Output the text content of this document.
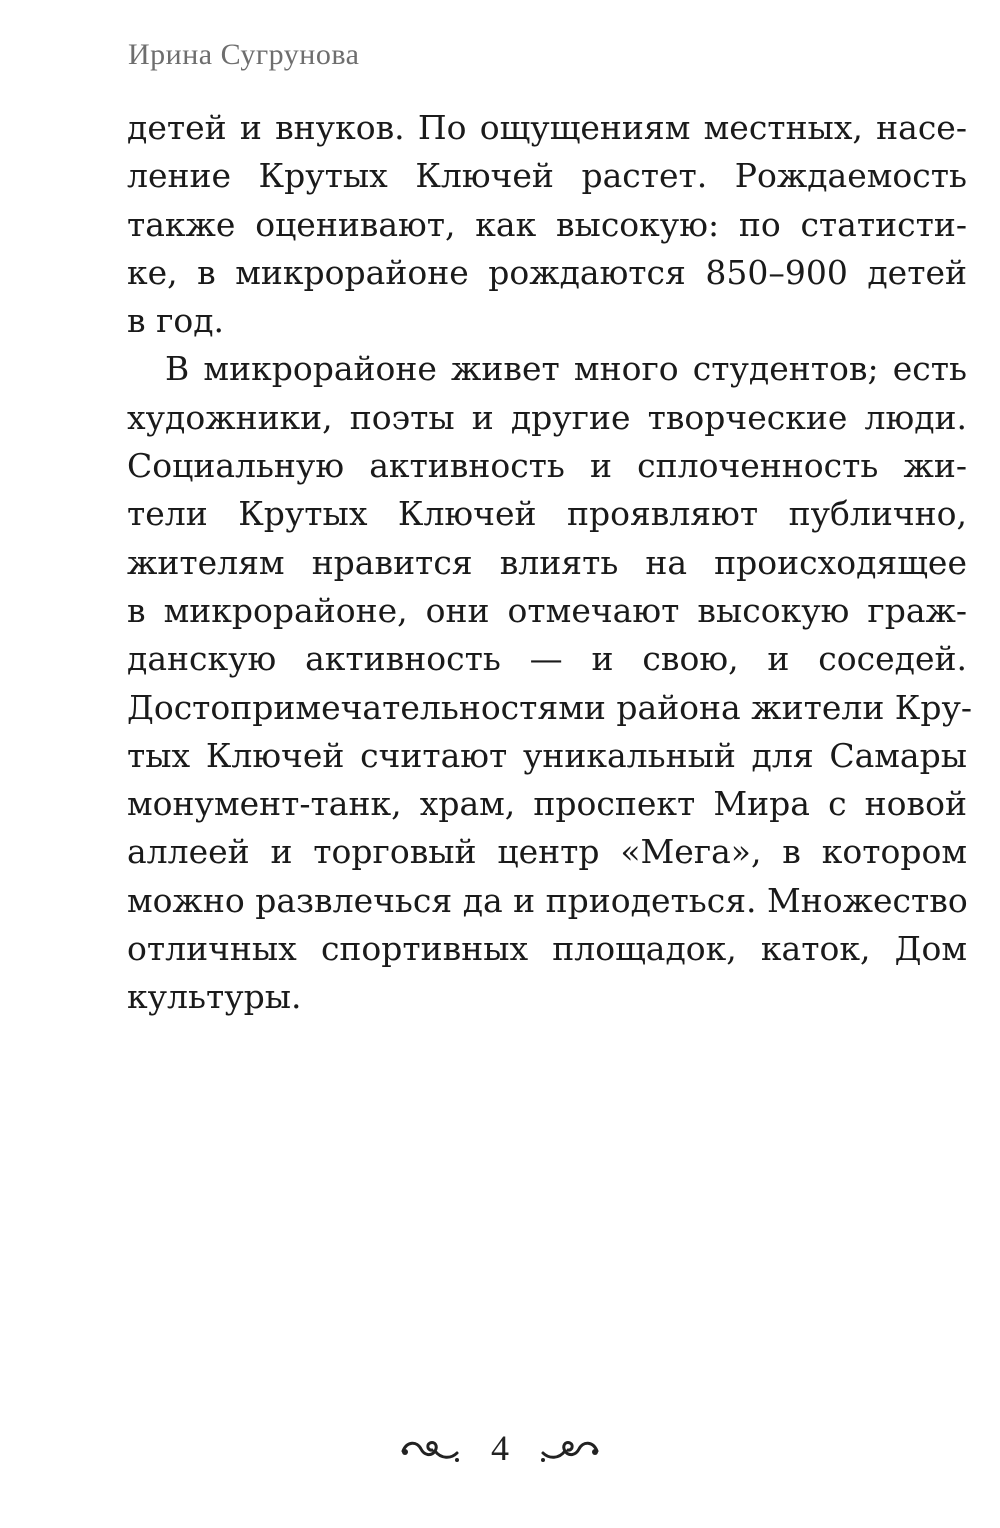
Ирина Сугрунова
детей и внуков. По ощущениям местных, насе-
ление Крутых Ключей растет. Рождаемость
также оценивают, как высокую: по статисти-
ке, в микрорайоне рождаются 850–900 детей
в год.
В микрорайоне живет много студентов; есть
художники, поэты и другие творческие люди.
Социальную активность и сплоченность жи-
тели Крутых Ключей проявляют публично,
жителям нравится влиять на происходящее
в микрорайоне, они отмечают высокую граж-
данскую активность — и свою, и соседей.
Достопримечательностями района жители Кру-
тых Ключей считают уникальный для Самары
монумент-танк, храм, проспект Мира с новой
аллеей и торговый центр «Мега», в котором
можно развлечься да и приодеться. Множество
отличных спортивных площадок, каток, Дом
культуры.
4
